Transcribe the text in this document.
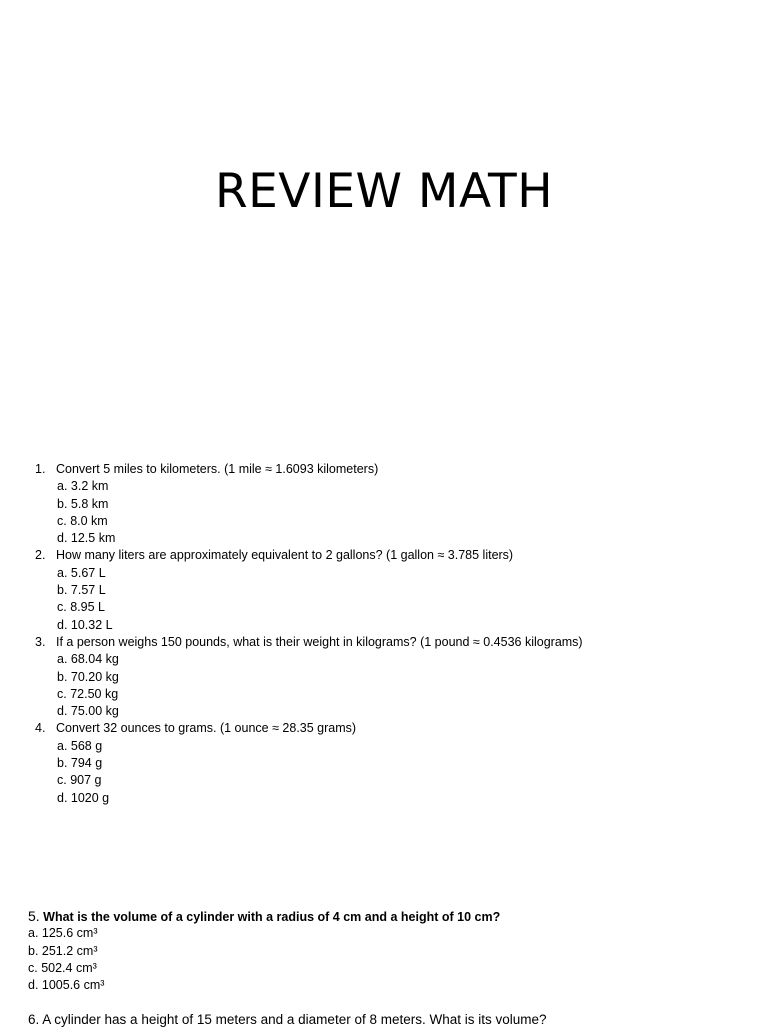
REVIEW MATH
1. Convert 5 miles to kilometers. (1 mile ≈ 1.6093 kilometers)
a. 3.2 km
b. 5.8 km
c. 8.0 km
d. 12.5 km
2. How many liters are approximately equivalent to 2 gallons? (1 gallon ≈ 3.785 liters)
a. 5.67 L
b. 7.57 L
c. 8.95 L
d. 10.32 L
3. If a person weighs 150 pounds, what is their weight in kilograms? (1 pound ≈ 0.4536 kilograms)
a. 68.04 kg
b. 70.20 kg
c. 72.50 kg
d. 75.00 kg
4. Convert 32 ounces to grams. (1 ounce ≈ 28.35 grams)
a. 568 g
b. 794 g
c. 907 g
d. 1020 g
5. What is the volume of a cylinder with a radius of 4 cm and a height of 10 cm?
a. 125.6 cm³
b. 251.2 cm³
c. 502.4 cm³
d. 1005.6 cm³
6. A cylinder has a height of 15 meters and a diameter of 8 meters. What is its volume?
